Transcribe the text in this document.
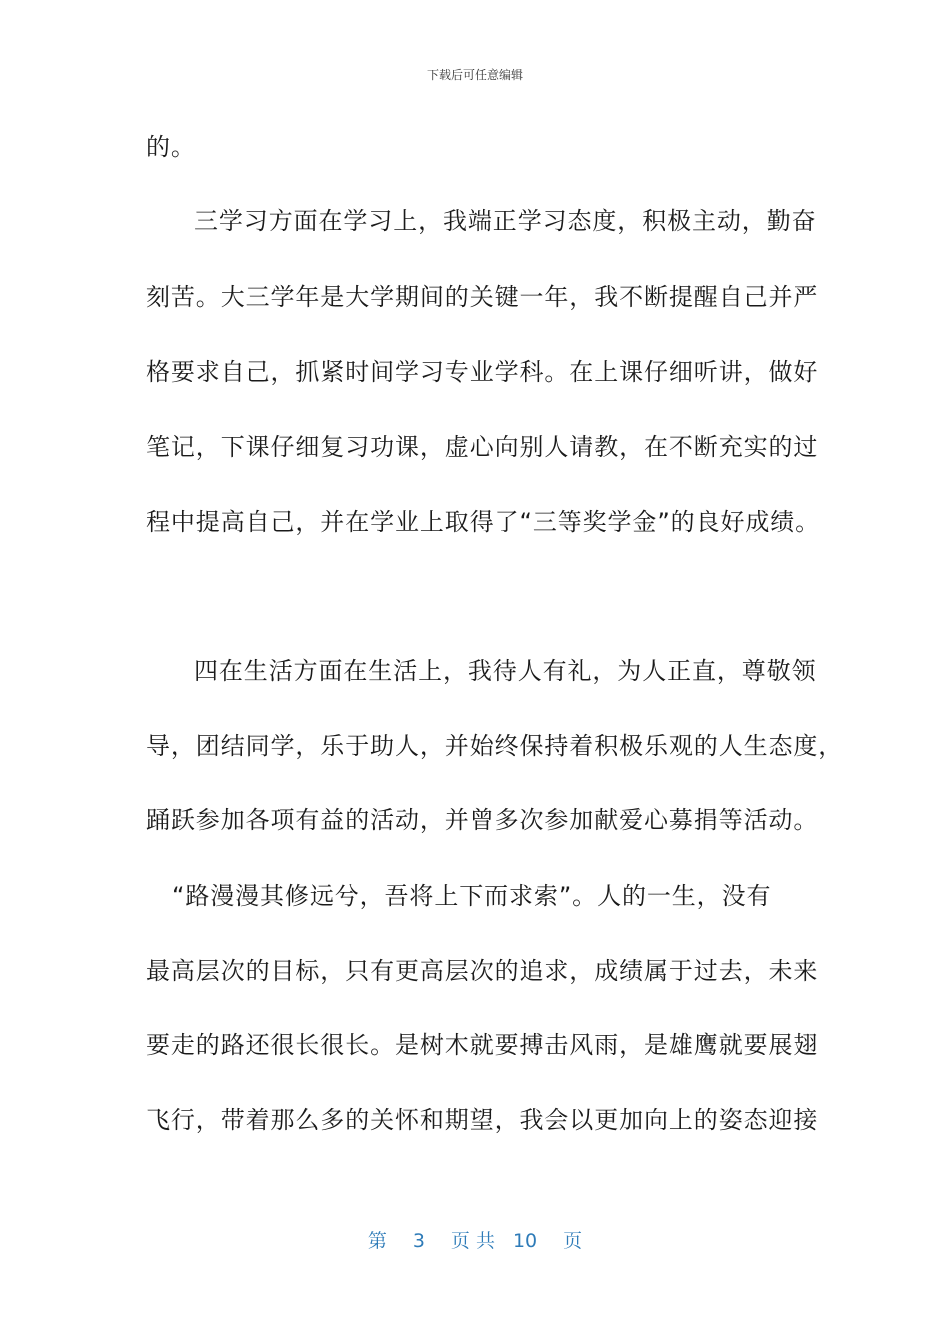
下载后可任意编辑
的。
三学习方面在学习上，我端正学习态度，积极主动，勤奋
刻苦。大三学年是大学期间的关键一年，我不断提醒自己并严
格要求自己，抓紧时间学习专业学科。在上课仔细听讲，做好
笔记，下课仔细复习功课，虚心向别人请教，在不断充实的过
程中提高自己，并在学业上取得了“三等奖学金”的良好成绩。
四在生活方面在生活上，我待人有礼，为人正直，尊敬领
导，团结同学，乐于助人，并始终保持着积极乐观的人生态度，
踊跃参加各项有益的活动，并曾多次参加献爱心募捐等活动。
“路漫漫其修远兮，吾将上下而求索”。人的一生，没有
最高层次的目标，只有更高层次的追求，成绩属于过去，未来
要走的路还很长很长。是树木就要搏击风雨，是雄鹰就要展翅
飞行，带着那么多的关怀和期望，我会以更加向上的姿态迎接
第 3 页 共 10 页
